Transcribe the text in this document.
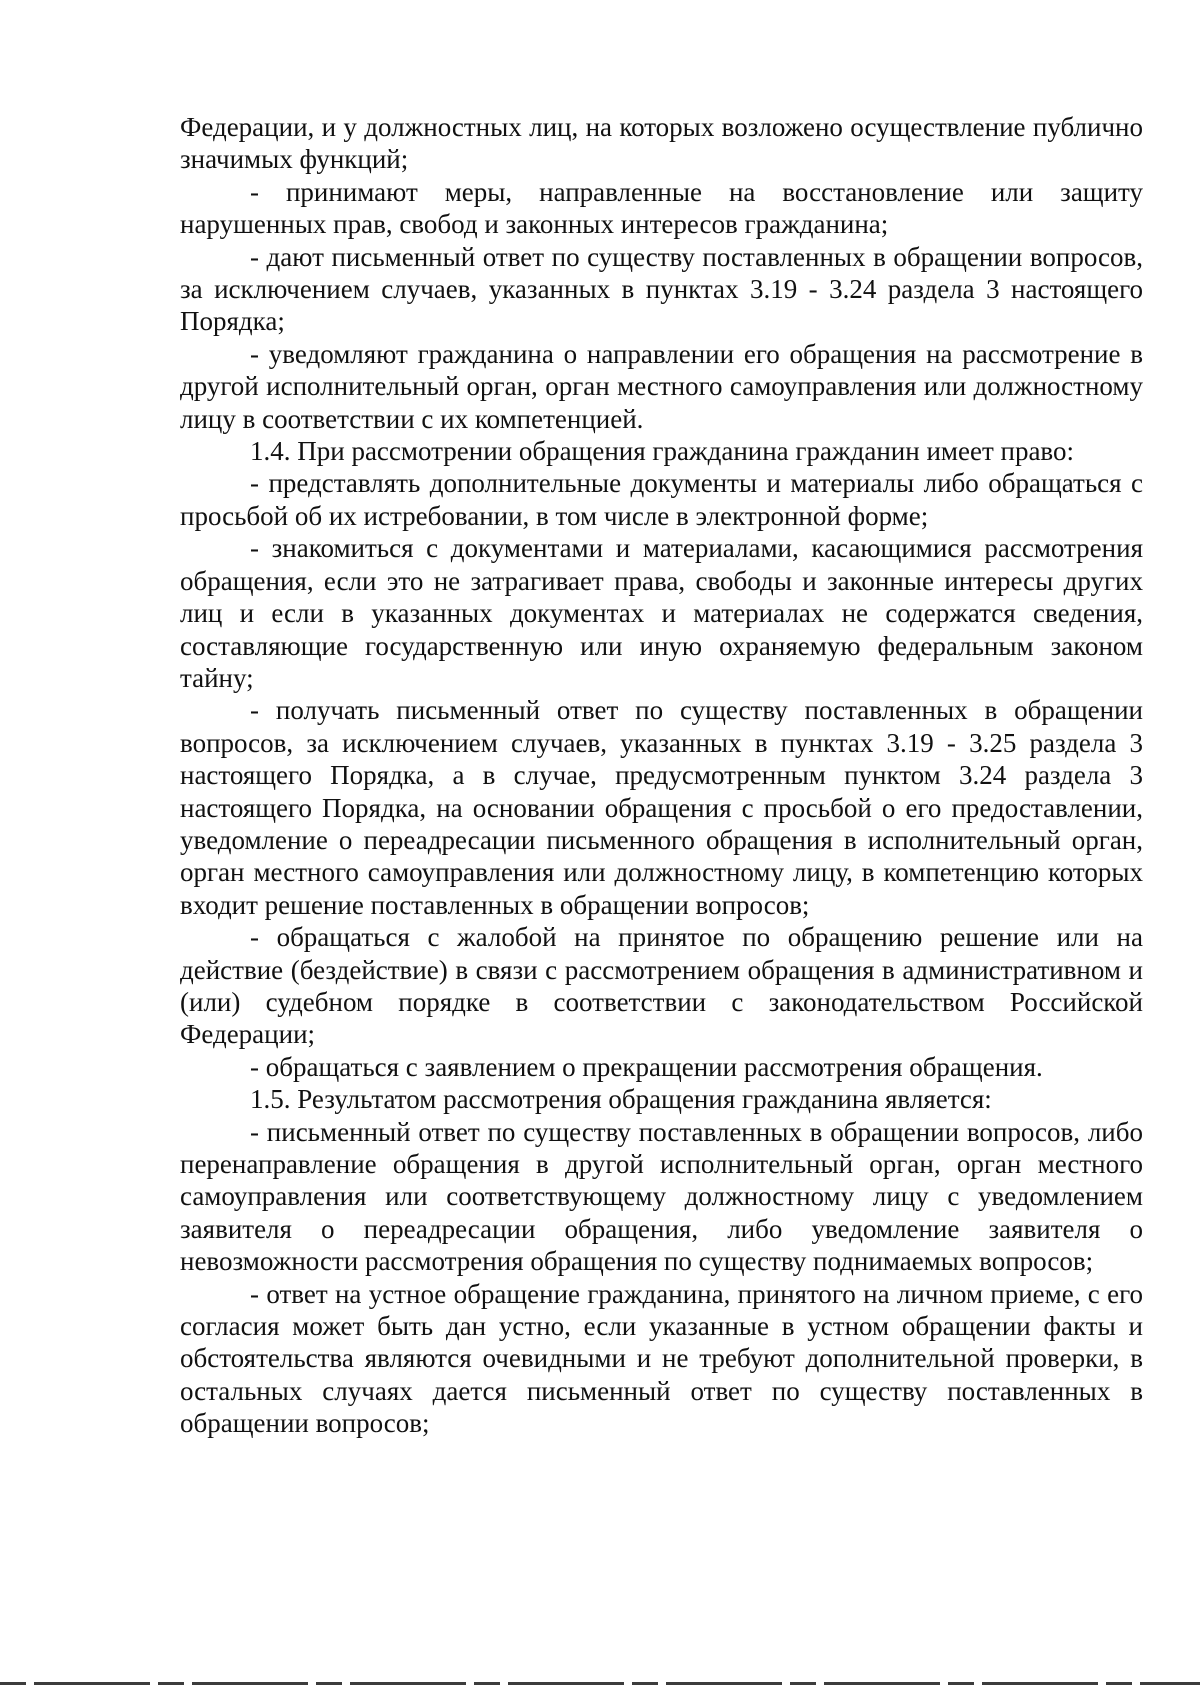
Федерации, и у должностных лиц, на которых возложено осуществление публично значимых функций;

- принимают меры, направленные на восстановление или защиту нарушенных прав, свобод и законных интересов гражданина;

- дают письменный ответ по существу поставленных в обращении вопросов, за исключением случаев, указанных в пунктах 3.19 - 3.24 раздела 3 настоящего Порядка;

- уведомляют гражданина о направлении его обращения на рассмотрение в другой исполнительный орган, орган местного самоуправления или должностному лицу в соответствии с их компетенцией.

1.4. При рассмотрении обращения гражданина гражданин имеет право:

- представлять дополнительные документы и материалы либо обращаться с просьбой об их истребовании, в том числе в электронной форме;

- знакомиться с документами и материалами, касающимися рассмотрения обращения, если это не затрагивает права, свободы и законные интересы других лиц и если в указанных документах и материалах не содержатся сведения, составляющие государственную или иную охраняемую федеральным законом тайну;

- получать письменный ответ по существу поставленных в обращении вопросов, за исключением случаев, указанных в пунктах 3.19 - 3.25 раздела 3 настоящего Порядка, а в случае, предусмотренным пунктом 3.24 раздела 3 настоящего Порядка, на основании обращения с просьбой о его предоставлении, уведомление о переадресации письменного обращения в исполнительный орган, орган местного самоуправления или должностному лицу, в компетенцию которых входит решение поставленных в обращении вопросов;

- обращаться с жалобой на принятое по обращению решение или на действие (бездействие) в связи с рассмотрением обращения в административном и (или) судебном порядке в соответствии с законодательством Российской Федерации;

- обращаться с заявлением о прекращении рассмотрения обращения.

1.5. Результатом рассмотрения обращения гражданина является:

- письменный ответ по существу поставленных в обращении вопросов, либо перенаправление обращения в другой исполнительный орган, орган местного самоуправления или соответствующему должностному лицу с уведомлением заявителя о переадресации обращения, либо уведомление заявителя о невозможности рассмотрения обращения по существу поднимаемых вопросов;

- ответ на устное обращение гражданина, принятого на личном приеме, с его согласия может быть дан устно, если указанные в устном обращении факты и обстоятельства являются очевидными и не требуют дополнительной проверки, в остальных случаях дается письменный ответ по существу поставленных в обращении вопросов;
